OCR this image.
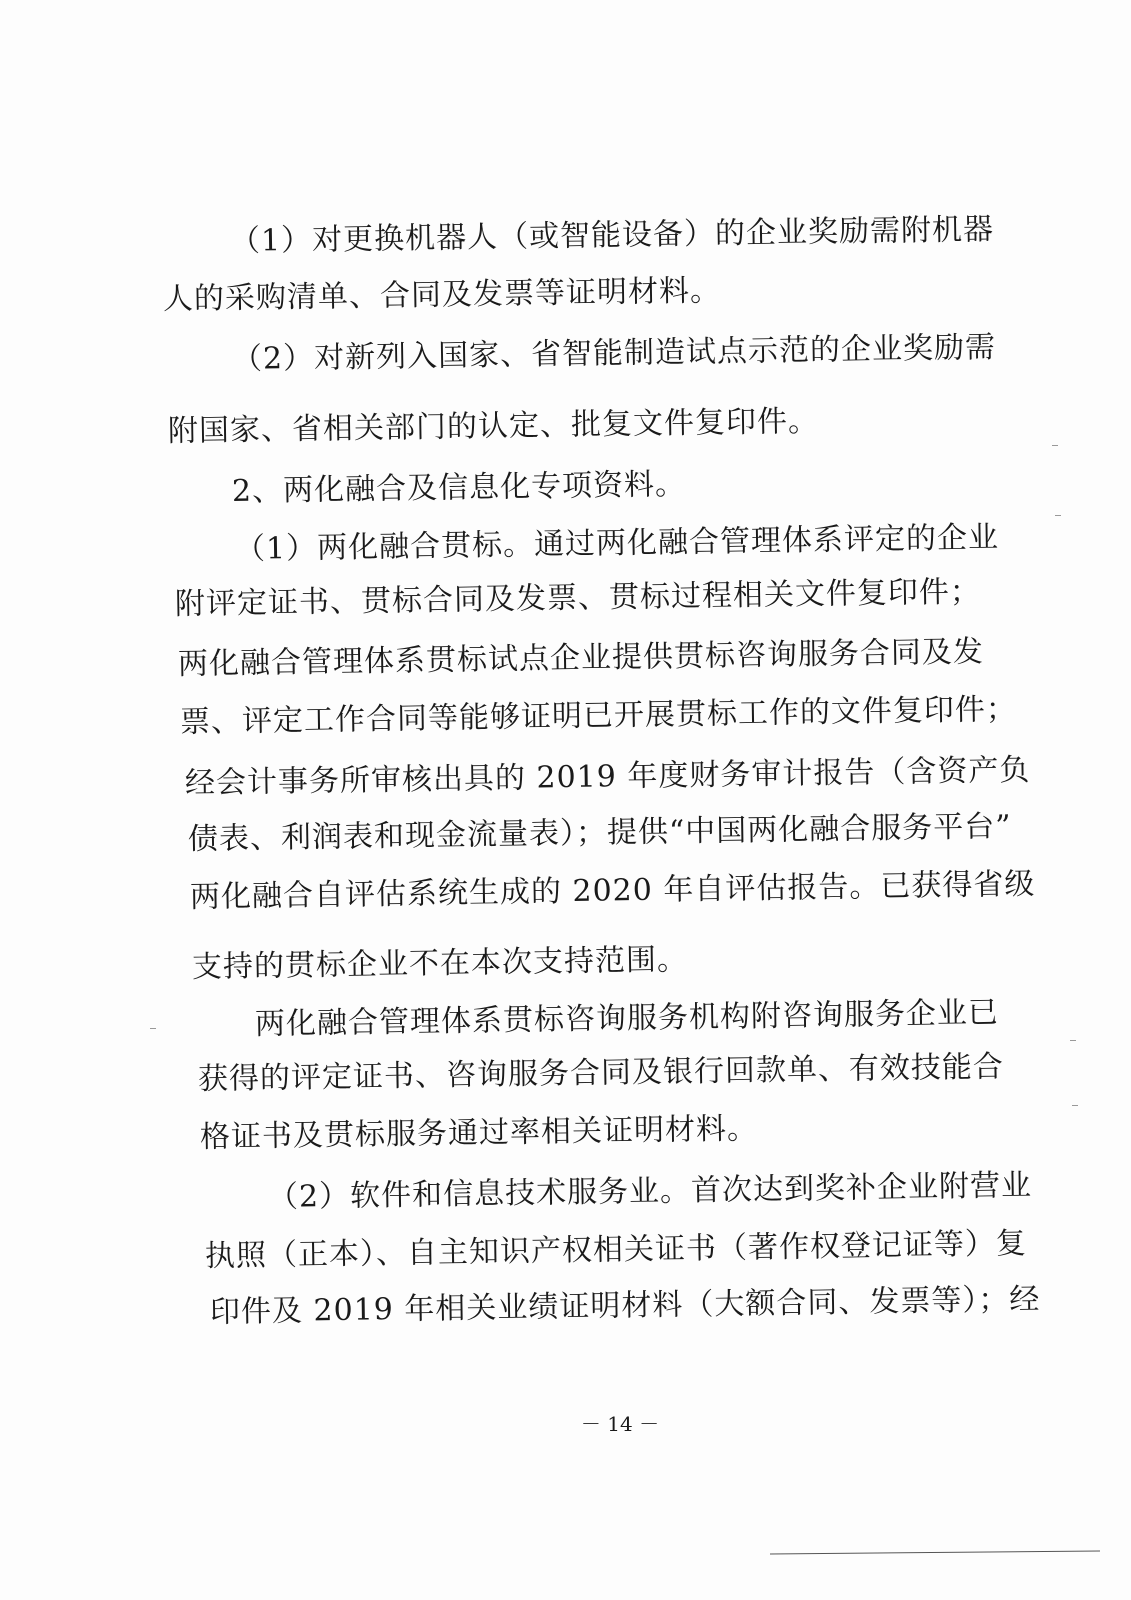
（1）对更换机器人（或智能设备）的企业奖励需附机器
人的采购清单、合同及发票等证明材料。
（2）对新列入国家、省智能制造试点示范的企业奖励需
附国家、省相关部门的认定、批复文件复印件。
2、两化融合及信息化专项资料。
（1）两化融合贯标。通过两化融合管理体系评定的企业
附评定证书、贯标合同及发票、贯标过程相关文件复印件；
两化融合管理体系贯标试点企业提供贯标咨询服务合同及发
票、评定工作合同等能够证明已开展贯标工作的文件复印件；
经会计事务所审核出具的 2019 年度财务审计报告（含资产负
债表、利润表和现金流量表）；提供“中国两化融合服务平台”
两化融合自评估系统生成的 2020 年自评估报告。已获得省级
支持的贯标企业不在本次支持范围。
两化融合管理体系贯标咨询服务机构附咨询服务企业已
获得的评定证书、咨询服务合同及银行回款单、有效技能合
格证书及贯标服务通过率相关证明材料。
（2）软件和信息技术服务业。首次达到奖补企业附营业
执照（正本）、自主知识产权相关证书（著作权登记证等）复
印件及 2019 年相关业绩证明材料（大额合同、发票等）；经
－ 14 －
